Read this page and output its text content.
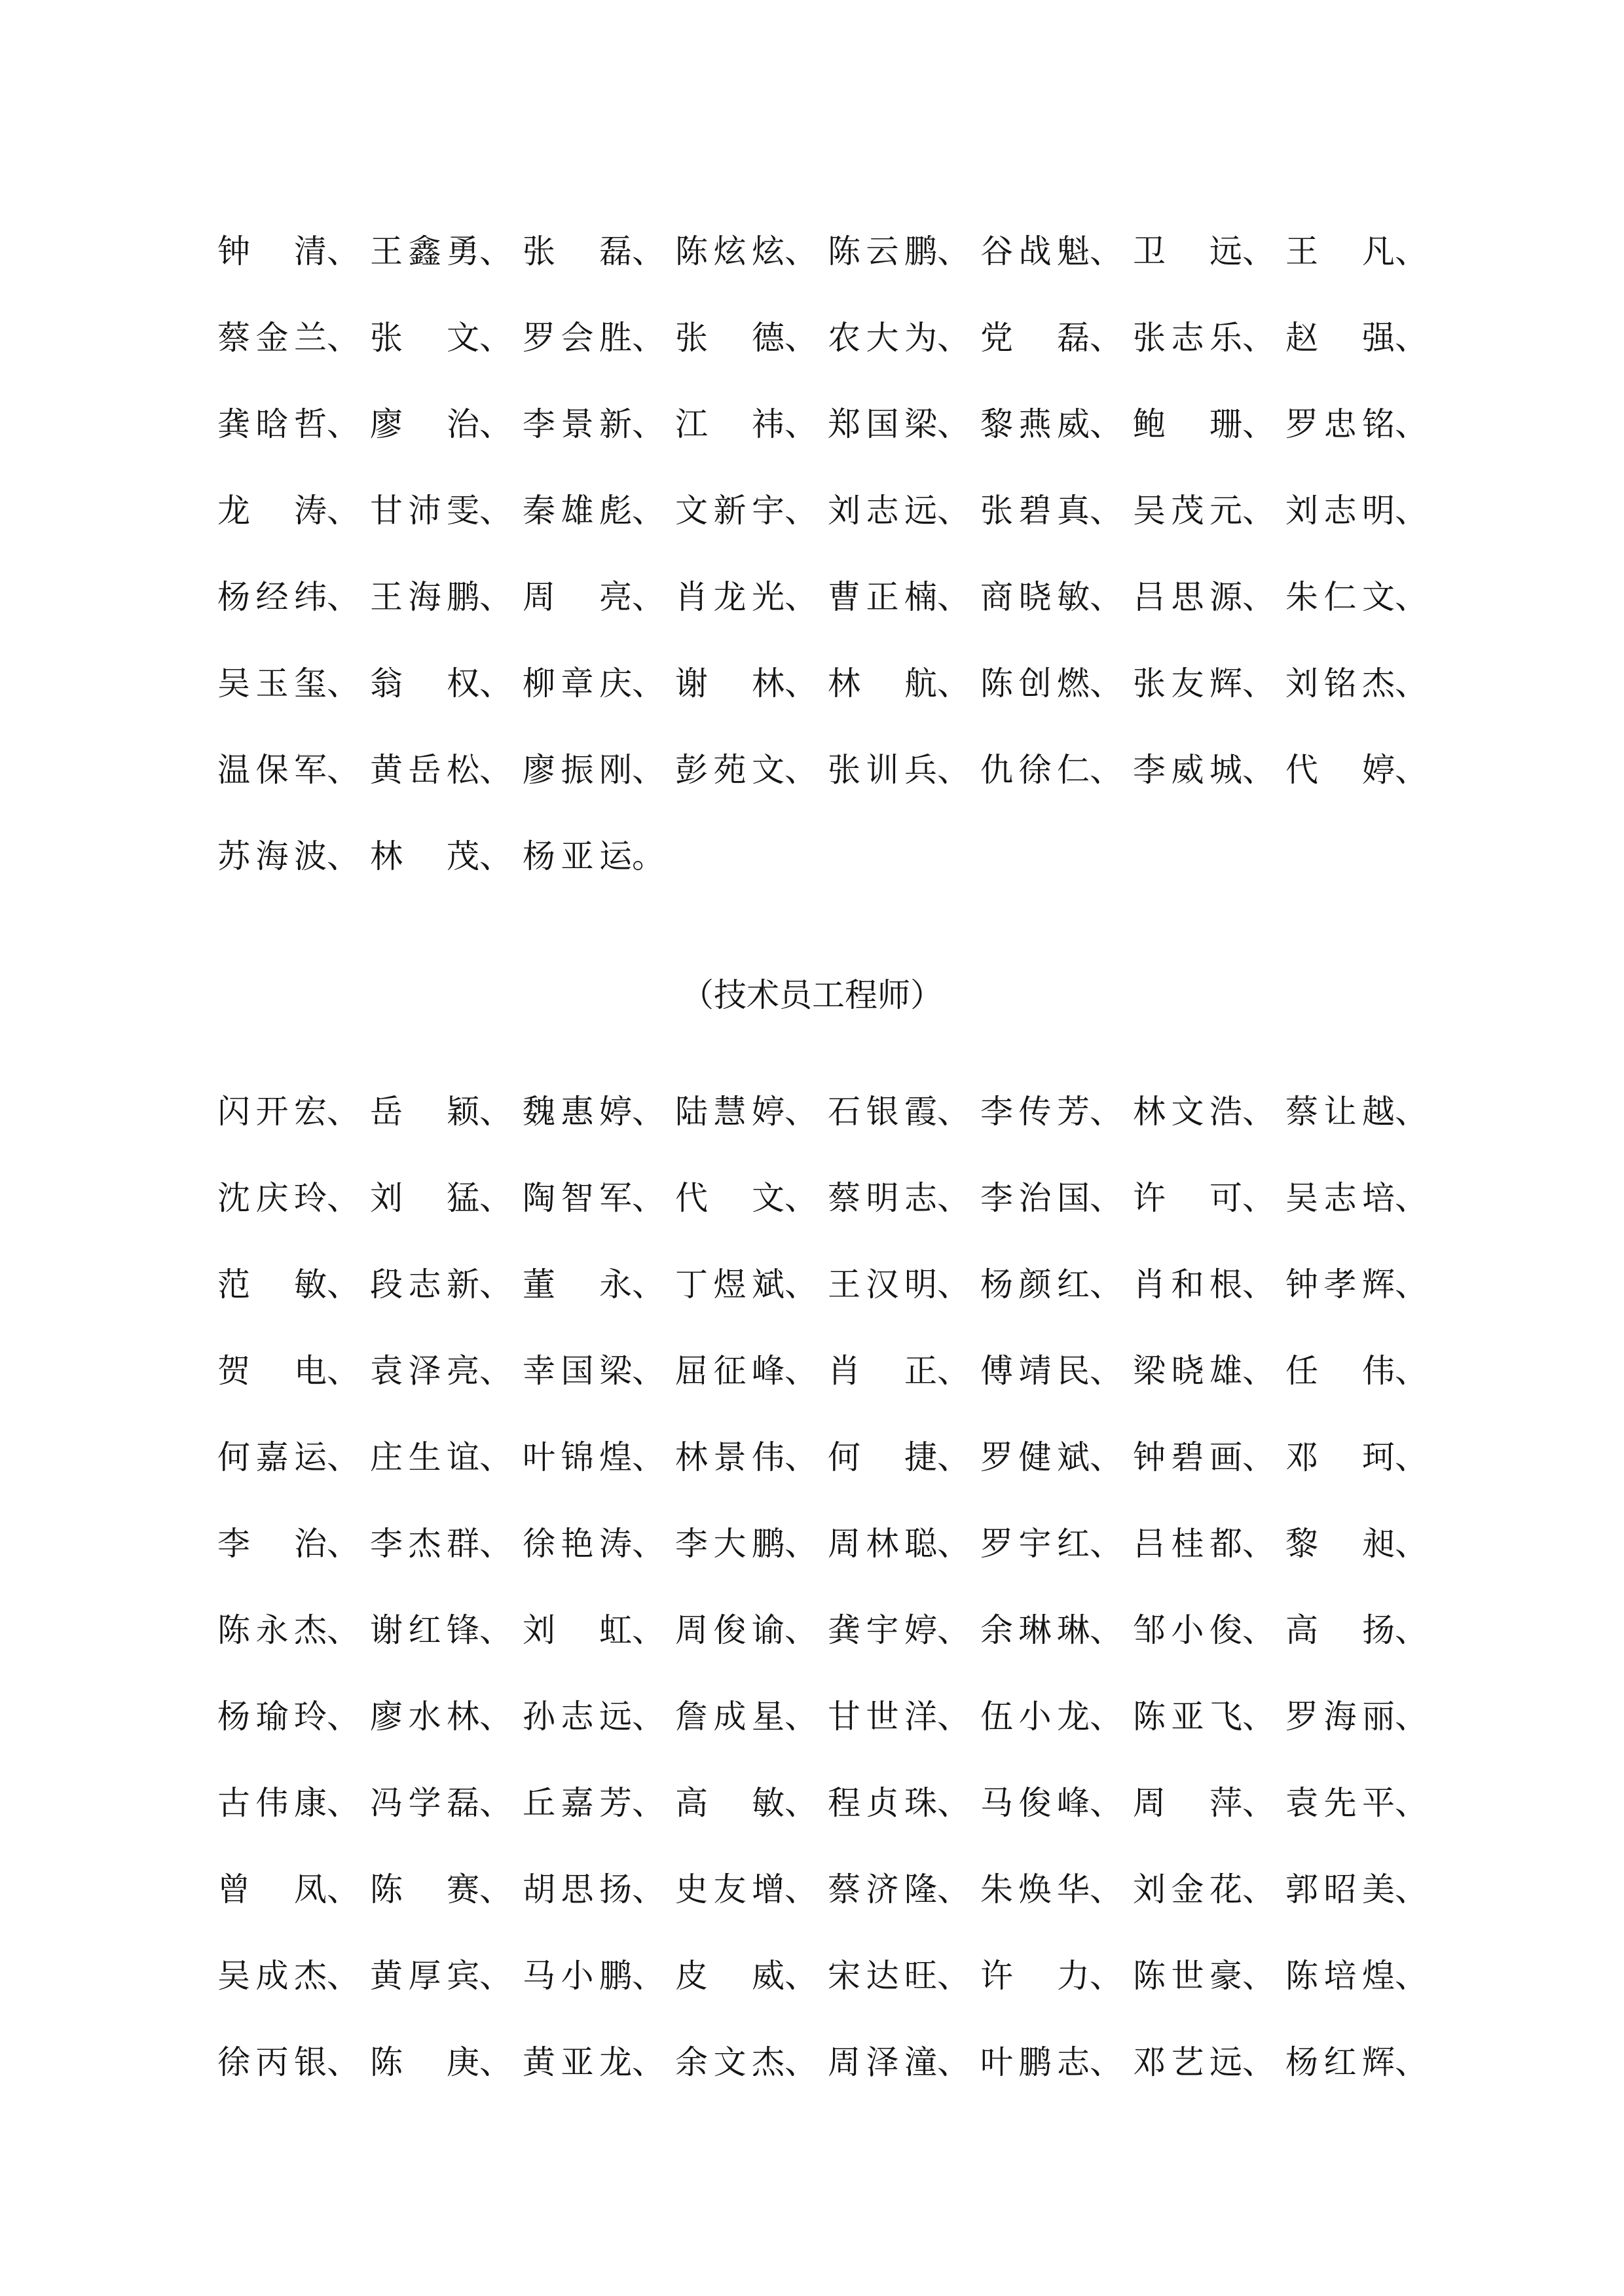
钟　清、 王鑫勇、 张　磊、 陈炫炫、 陈云鹏、 谷战魁、 卫　远、 王　凡、
蔡金兰、 张　文、 罗会胜、 张　德、 农大为、 党　磊、 张志乐、 赵　强、
龚晗哲、 廖　治、 李景新、 江　祎、 郑国梁、 黎燕威、 鲍　珊、 罗忠铭、
龙　涛、 甘沛雯、 秦雄彪、 文新宇、 刘志远、 张碧真、 吴茂元、 刘志明、
杨经纬、 王海鹏、 周　亮、 肖龙光、 曹正楠、 商晓敏、 吕思源、 朱仁文、
吴玉玺、 翁　权、 柳章庆、 谢　林、 林　航、 陈创燃、 张友辉、 刘铭杰、
温保军、 黄岳松、 廖振刚、 彭苑文、 张训兵、 仇徐仁、 李威城、 代　婷、
苏海波、 林　茂、 杨亚运。
（技术员工程师）
闪开宏、 岳　颖、 魏惠婷、 陆慧婷、 石银霞、 李传芳、 林文浩、 蔡让越、
沈庆玲、 刘　猛、 陶智军、 代　文、 蔡明志、 李治国、 许　可、 吴志培、
范　敏、 段志新、 董　永、 丁煜斌、 王汉明、 杨颜红、 肖和根、 钟孝辉、
贺　电、 袁泽亮、 幸国梁、 屈征峰、 肖　正、 傅靖民、 梁晓雄、 任　伟、
何嘉运、 庄生谊、 叶锦煌、 林景伟、 何　捷、 罗健斌、 钟碧画、 邓　珂、
李　治、 李杰群、 徐艳涛、 李大鹏、 周林聪、 罗宇红、 吕桂都、 黎　昶、
陈永杰、 谢红锋、 刘　虹、 周俊谕、 龚宇婷、 余琳琳、 邹小俊、 高　扬、
杨瑜玲、 廖水林、 孙志远、 詹成星、 甘世洋、 伍小龙、 陈亚飞、 罗海丽、
古伟康、 冯学磊、 丘嘉芳、 高　敏、 程贞珠、 马俊峰、 周　萍、 袁先平、
曾　凤、 陈　赛、 胡思扬、 史友增、 蔡济隆、 朱焕华、 刘金花、 郭昭美、
吴成杰、 黄厚宾、 马小鹏、 皮　威、 宋达旺、 许　力、 陈世豪、 陈培煌、
徐丙银、 陈　庚、 黄亚龙、 余文杰、 周泽潼、 叶鹏志、 邓艺远、 杨红辉、
